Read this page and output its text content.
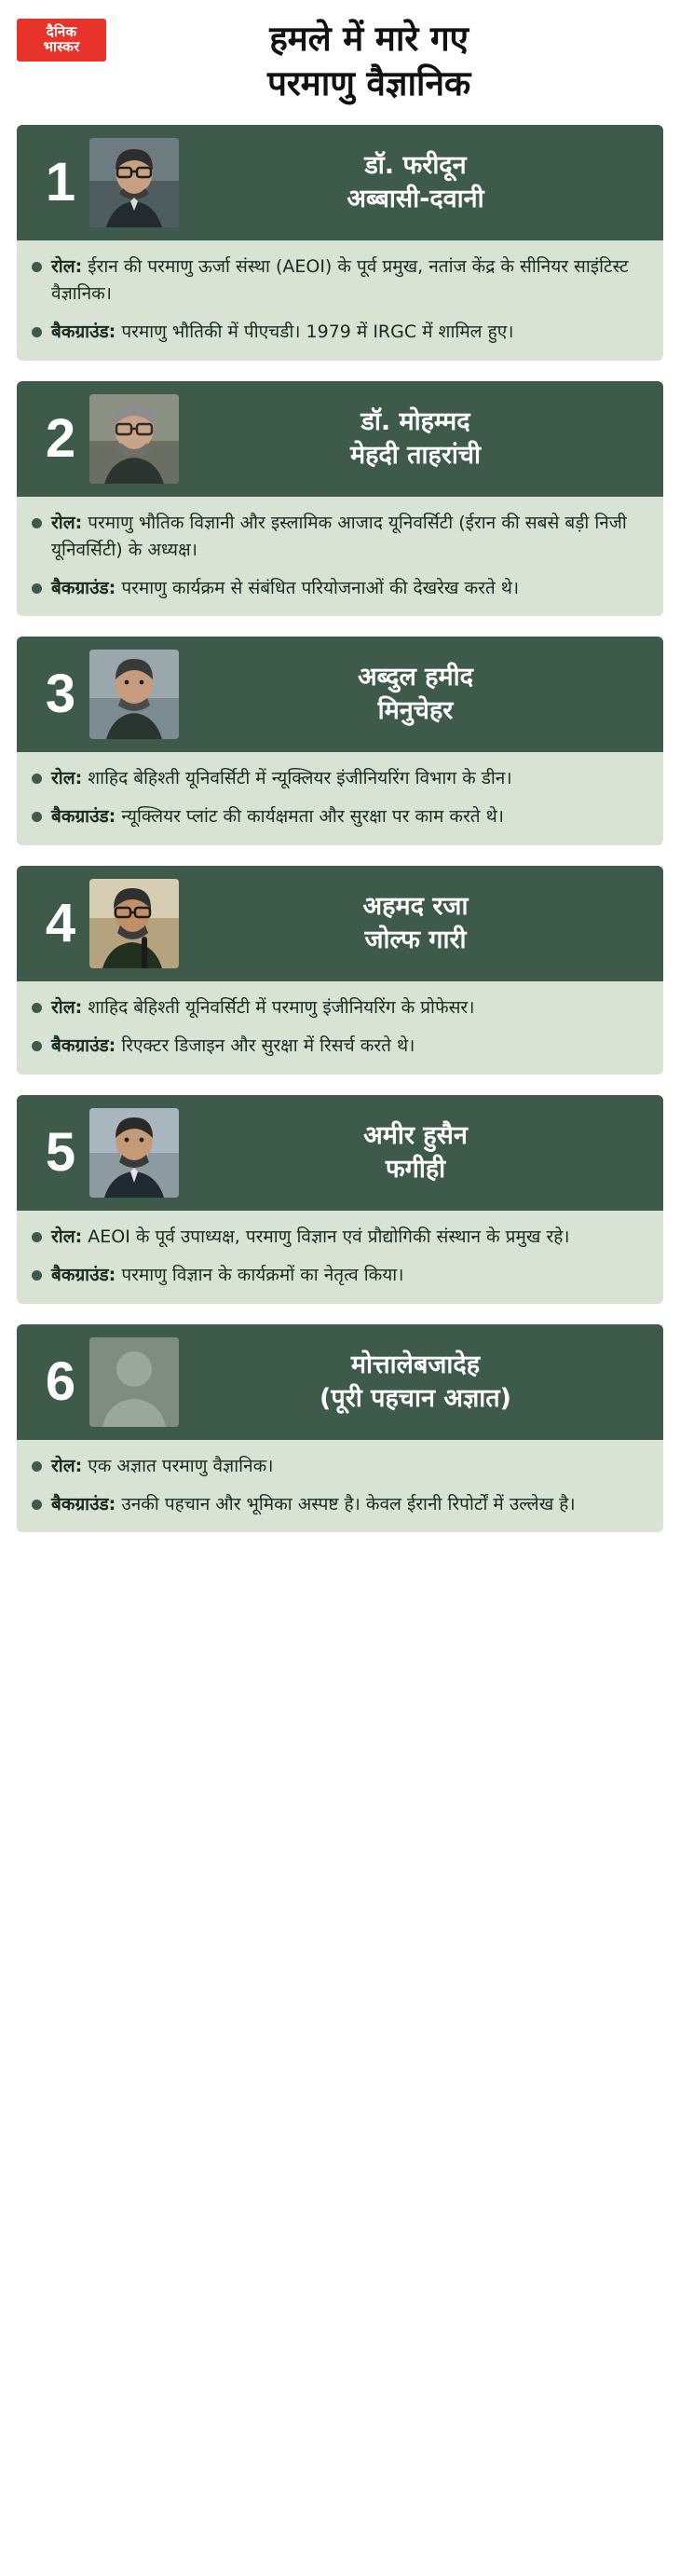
दैनिक
भास्कर	हमले में मारे गए
परमाणु वैज्ञानिक
1	डॉ. फरीदून
अब्बासी-दवानी
रोल: ईरान की परमाणु ऊर्जा संस्था (AEOI) के पूर्व प्रमुख, नतांज केंद्र के सीनियर साइंटिस्ट वैज्ञानिक।
बैकग्राउंड: परमाणु भौतिकी में पीएचडी। 1979 में IRGC में शामिल हुए।
2	डॉ. मोहम्मद
मेहदी ताहरांची
रोल: परमाणु भौतिक विज्ञानी और इस्लामिक आजाद यूनिवर्सिटी (ईरान की सबसे बड़ी निजी यूनिवर्सिटी) के अध्यक्ष।
बैकग्राउंड: परमाणु कार्यक्रम से संबंधित परियोजनाओं की देखरेख करते थे।
3	अब्दुल हमीद
मिनुचेहर
रोल: शाहिद बेहिश्ती यूनिवर्सिटी में न्यूक्लियर इंजीनियरिंग विभाग के डीन।
बैकग्राउंड: न्यूक्लियर प्लांट की कार्यक्षमता और सुरक्षा पर काम करते थे।
4	अहमद रजा
जोल्फ गारी
रोल: शाहिद बेहिश्ती यूनिवर्सिटी में परमाणु इंजीनियरिंग के प्रोफेसर।
बैकग्राउंड: रिएक्टर डिजाइन और सुरक्षा में रिसर्च करते थे।
5	अमीर हुसैन
फगीही
रोल: AEOI के पूर्व उपाध्यक्ष, परमाणु विज्ञान एवं प्रौद्योगिकी संस्थान के प्रमुख रहे।
बैकग्राउंड: परमाणु विज्ञान के कार्यक्रमों का नेतृत्व किया।
6	मोत्तालेबजादेह
(पूरी पहचान अज्ञात)
रोल: एक अज्ञात परमाणु वैज्ञानिक।
बैकग्राउंड: उनकी पहचान और भूमिका अस्पष्ट है। केवल ईरानी रिपोर्टों में उल्लेख है।
